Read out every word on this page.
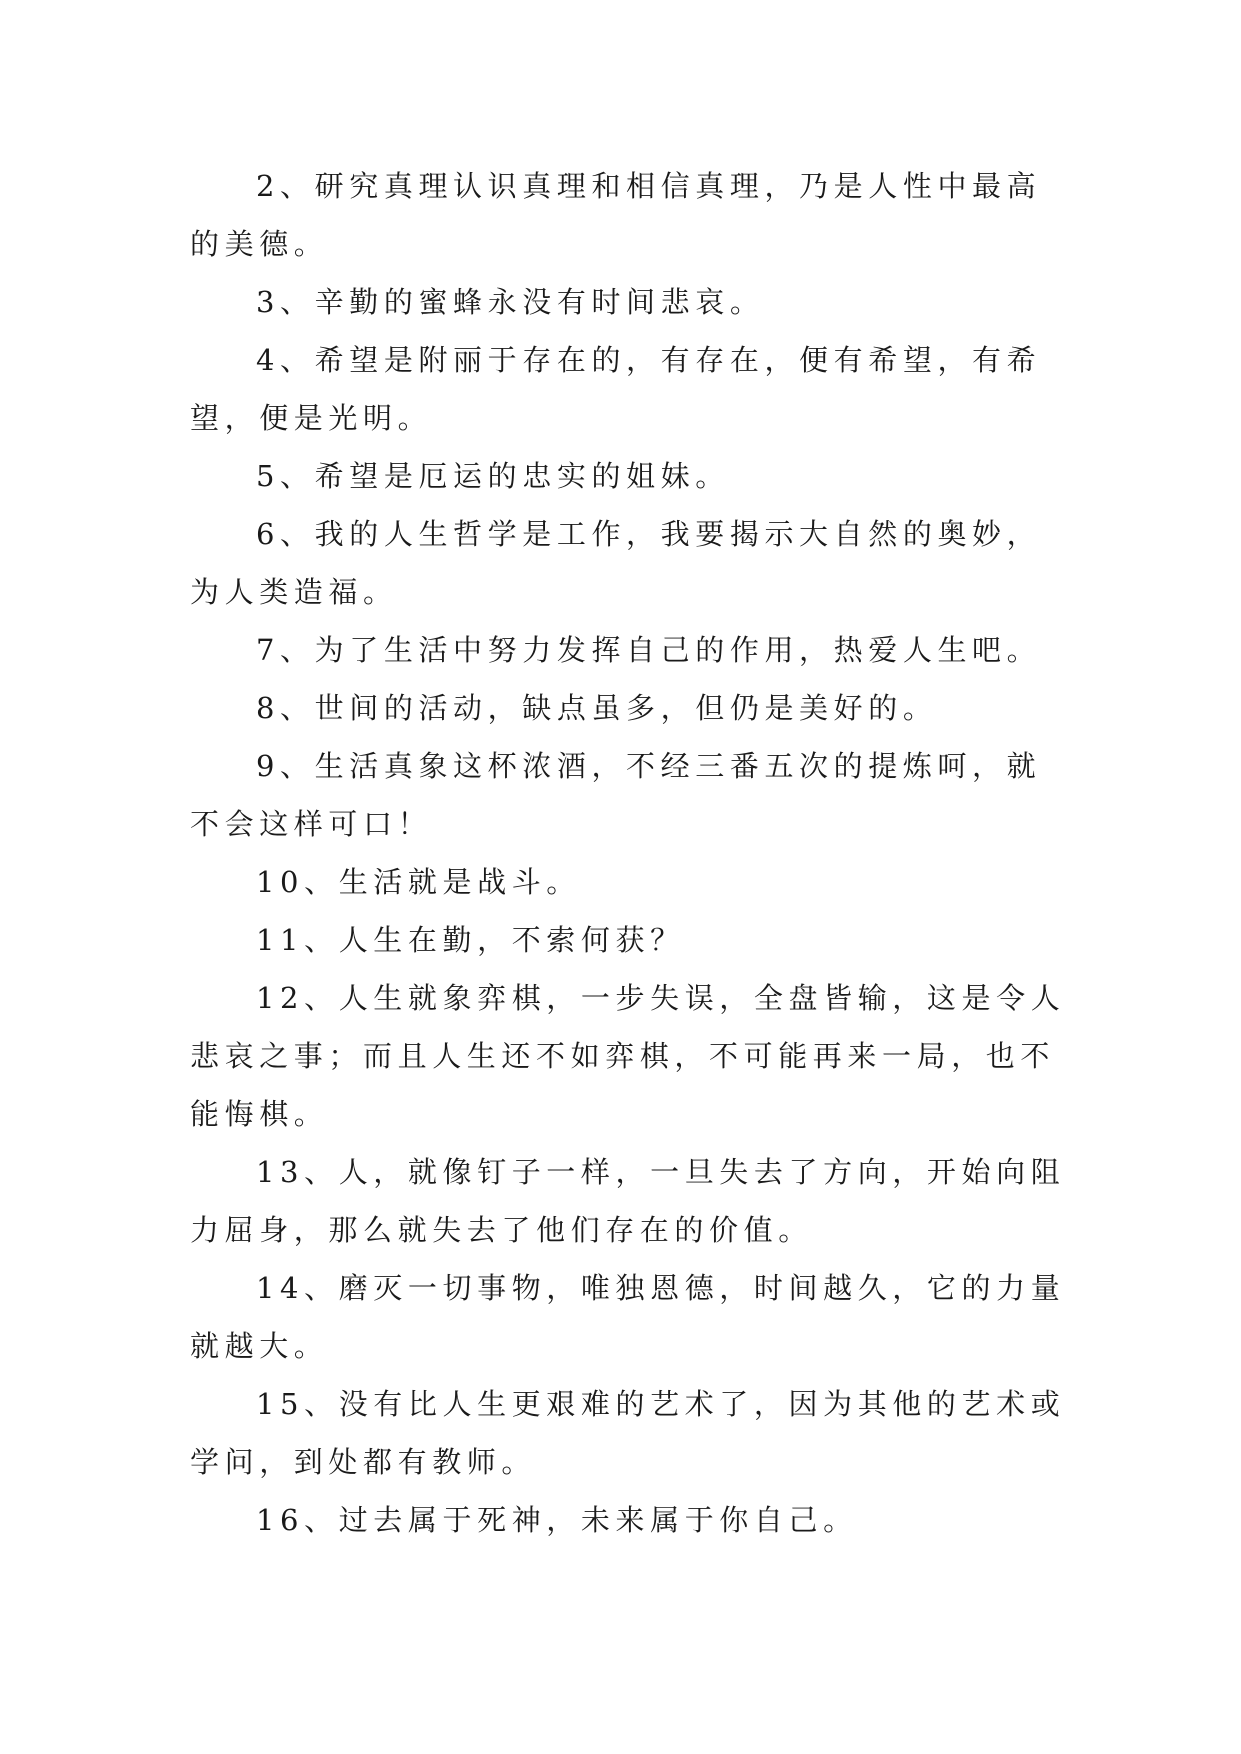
2、研究真理认识真理和相信真理，乃是人性中最高的美德。

3、辛勤的蜜蜂永没有时间悲哀。

4、希望是附丽于存在的，有存在，便有希望，有希望，便是光明。

5、希望是厄运的忠实的姐妹。

6、我的人生哲学是工作，我要揭示大自然的奥妙，为人类造福。

7、为了生活中努力发挥自己的作用，热爱人生吧。

8、世间的活动，缺点虽多，但仍是美好的。

9、生活真象这杯浓酒，不经三番五次的提炼呵，就不会这样可口！

10、生活就是战斗。

11、人生在勤，不索何获？

12、人生就象弈棋，一步失误，全盘皆输，这是令人悲哀之事；而且人生还不如弈棋，不可能再来一局，也不能悔棋。

13、人，就像钉子一样，一旦失去了方向，开始向阻力屈身，那么就失去了他们存在的价值。

14、磨灭一切事物，唯独恩德，时间越久，它的力量就越大。

15、没有比人生更艰难的艺术了，因为其他的艺术或学问，到处都有教师。

16、过去属于死神，未来属于你自己。
